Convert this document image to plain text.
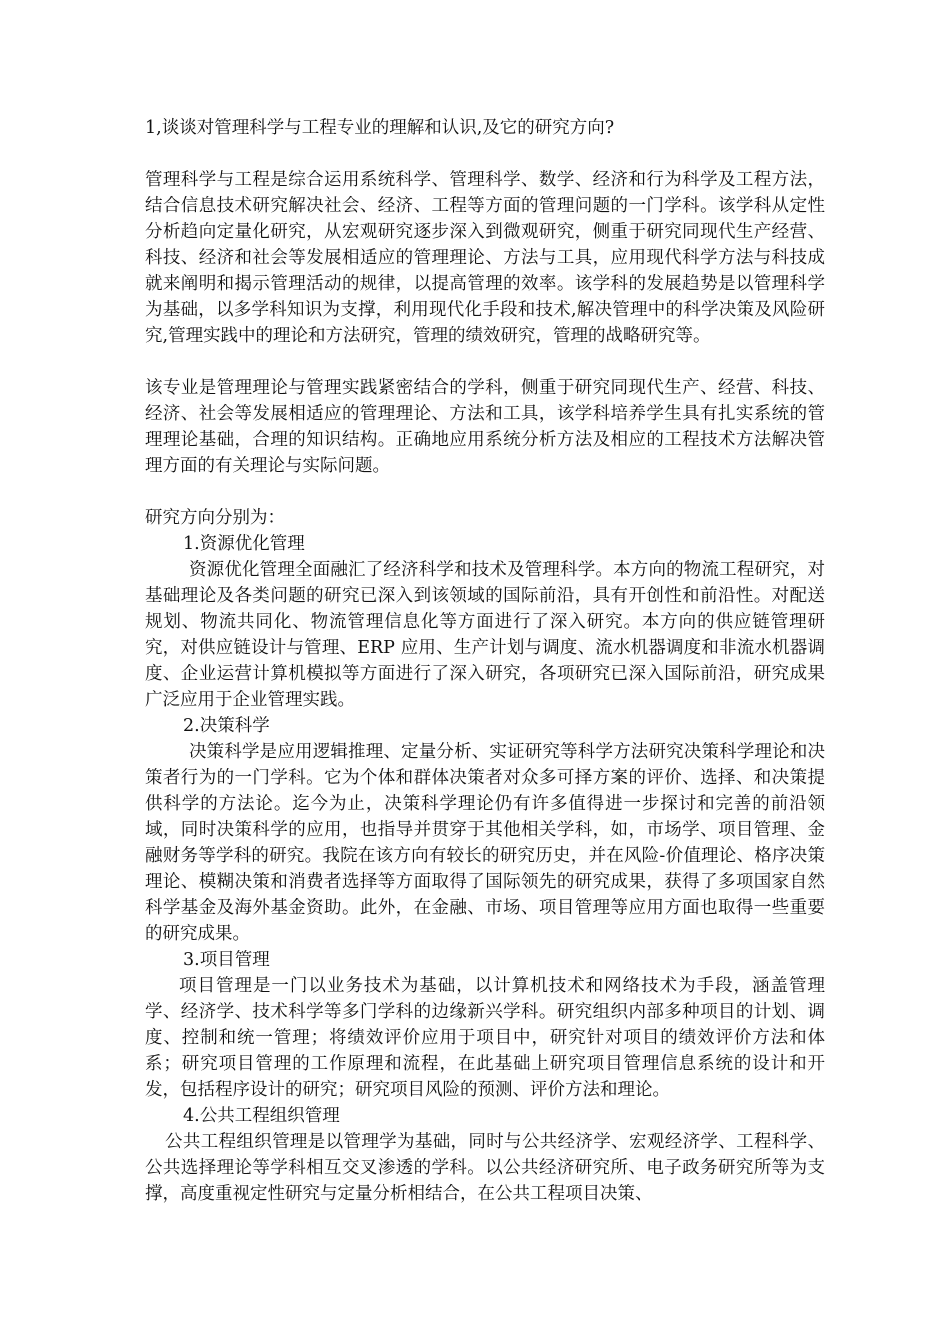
1,谈谈对管理科学与工程专业的理解和认识,及它的研究方向?

管理科学与工程是综合运用系统科学、管理科学、数学、经济和行为科学及工程方法，结合信息技术研究解决社会、经济、工程等方面的管理问题的一门学科。该学科从定性分析趋向定量化研究，从宏观研究逐步深入到微观研究，侧重于研究同现代生产经营、科技、经济和社会等发展相适应的管理理论、方法与工具，应用现代科学方法与科技成就来阐明和揭示管理活动的规律，以提高管理的效率。该学科的发展趋势是以管理科学为基础，以多学科知识为支撑，利用现代化手段和技术,解决管理中的科学决策及风险研究,管理实践中的理论和方法研究，管理的绩效研究，管理的战略研究等。

该专业是管理理论与管理实践紧密结合的学科，侧重于研究同现代生产、经营、科技、经济、社会等发展相适应的管理理论、方法和工具，该学科培养学生具有扎实系统的管理理论基础，合理的知识结构。正确地应用系统分析方法及相应的工程技术方法解决管理方面的有关理论与实际问题。

研究方向分别为：

1.资源优化管理

资源优化管理全面融汇了经济科学和技术及管理科学。本方向的物流工程研究，对基础理论及各类问题的研究已深入到该领域的国际前沿，具有开创性和前沿性。对配送规划、物流共同化、物流管理信息化等方面进行了深入研究。本方向的供应链管理研究，对供应链设计与管理、ERP 应用、生产计划与调度、流水机器调度和非流水机器调度、企业运营计算机模拟等方面进行了深入研究，各项研究已深入国际前沿，研究成果广泛应用于企业管理实践。

2.决策科学

决策科学是应用逻辑推理、定量分析、实证研究等科学方法研究决策科学理论和决策者行为的一门学科。它为个体和群体决策者对众多可择方案的评价、选择、和决策提供科学的方法论。迄今为止，决策科学理论仍有许多值得进一步探讨和完善的前沿领域，同时决策科学的应用，也指导并贯穿于其他相关学科，如，市场学、项目管理、金融财务等学科的研究。我院在该方向有较长的研究历史，并在风险-价值理论、格序决策理论、模糊决策和消费者选择等方面取得了国际领先的研究成果，获得了多项国家自然科学基金及海外基金资助。此外，在金融、市场、项目管理等应用方面也取得一些重要的研究成果。

3.项目管理

项目管理是一门以业务技术为基础，以计算机技术和网络技术为手段，涵盖管理学、经济学、技术科学等多门学科的边缘新兴学科。研究组织内部多种项目的计划、调度、控制和统一管理；将绩效评价应用于项目中，研究针对项目的绩效评价方法和体系；研究项目管理的工作原理和流程，在此基础上研究项目管理信息系统的设计和开发，包括程序设计的研究；研究项目风险的预测、评价方法和理论。

4.公共工程组织管理

公共工程组织管理是以管理学为基础，同时与公共经济学、宏观经济学、工程科学、公共选择理论等学科相互交叉渗透的学科。以公共经济研究所、电子政务研究所等为支撑，高度重视定性研究与定量分析相结合，在公共工程项目决策、
